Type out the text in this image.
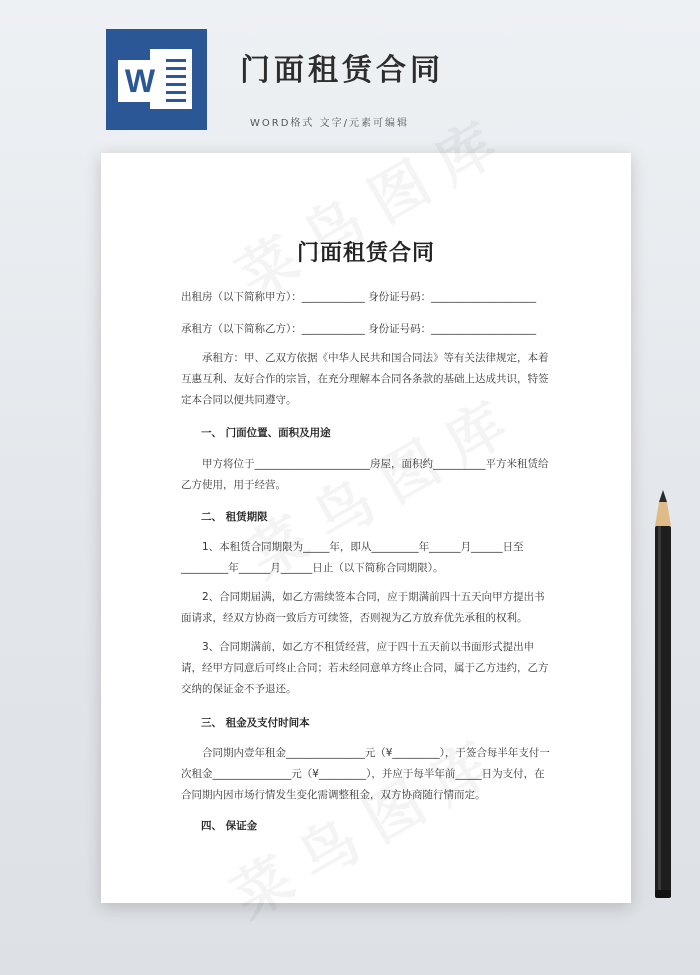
W	门面租赁合同
WORD格式 文字/元素可编辑
门面租赁合同
出租房（以下简称甲方）：____________ 身份证号码：____________________
承租方（以下简称乙方）：____________ 身份证号码：____________________
承租方：甲、乙双方依据《中华人民共和国合同法》等有关法律规定，本着互惠互利、友好合作的宗旨，在充分理解本合同各条款的基础上达成共识，特签定本合同以便共同遵守。
一、 门面位置、面积及用途
甲方将位于______________________房屋，面积约__________平方米租赁给乙方使用，用于经营。
二、 租赁期限
1、本租赁合同期限为_____年，即从_________年______月______日至_________年______月______日止（以下简称合同期限）。
2、合同期届满，如乙方需续签本合同，应于期满前四十五天向甲方提出书面请求，经双方协商一致后方可续签，否则视为乙方放弃优先承租的权利。
3、合同期满前，如乙方不租赁经营，应于四十五天前以书面形式提出申请，经甲方同意后可终止合同；若未经同意单方终止合同，属于乙方违约，乙方交纳的保证金不予退还。
三、 租金及支付时间本
合同期内壹年租金_______________元（¥_________），于签合每半年支付一次租金_______________元（¥_________），并应于每半年前_____日为支付，在合同期内因市场行情发生变化需调整租金，双方协商随行情而定。
四、 保证金
